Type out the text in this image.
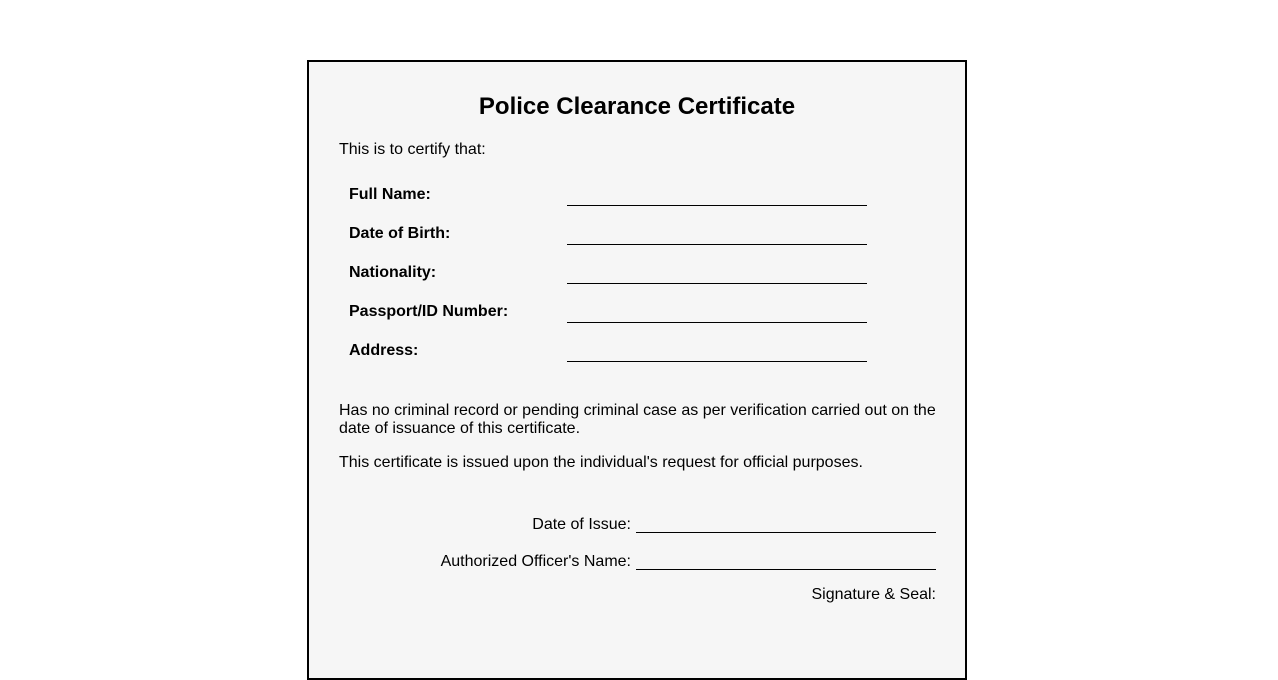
Police Clearance Certificate

This is to certify that:

Full Name:
Date of Birth:
Nationality:
Passport/ID Number:
Address:

Has no criminal record or pending criminal case as per verification carried out on the date of issuance of this certificate.

This certificate is issued upon the individual's request for official purposes.

Date of Issue:
Authorized Officer's Name:

Signature & Seal:
